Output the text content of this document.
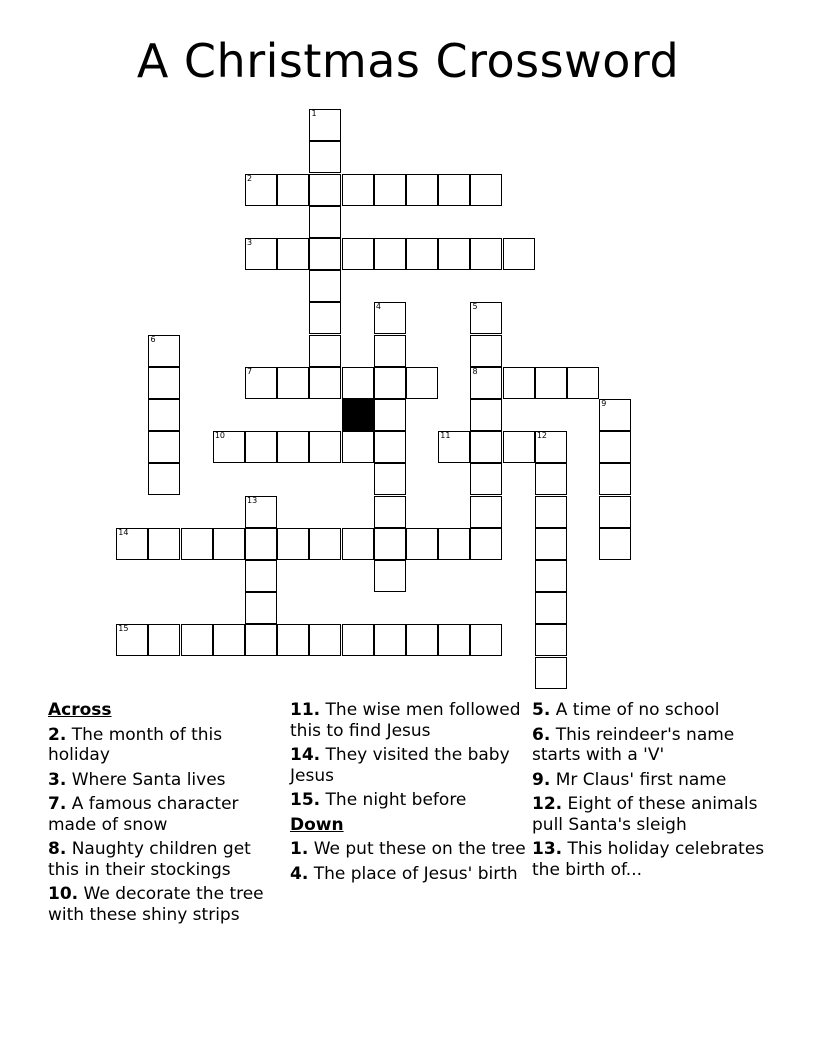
A Christmas Crossword
2
3
7	8
10	11	12
14
15
1
4	5
6
9
13
Across
2. The month of this holiday
3. Where Santa lives
7. A famous character made of snow
8. Naughty children get this in their stockings
10. We decorate the tree with these shiny strips
11. The wise men followed this to find Jesus
14. They visited the baby Jesus
15. The night before
Down
1. We put these on the tree
4. The place of Jesus' birth
5. A time of no school
6. This reindeer's name starts with a 'V'
9. Mr Claus' first name
12. Eight of these animals pull Santa's sleigh
13. This holiday celebrates the birth of...
